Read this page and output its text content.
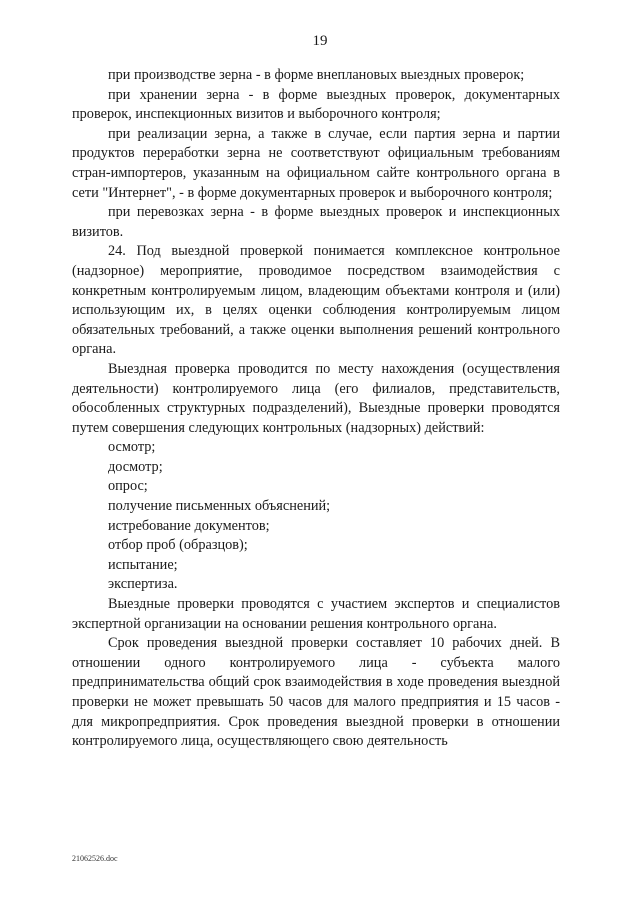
19

при производстве зерна - в форме внеплановых выездных проверок;

при хранении зерна - в форме выездных проверок, документарных проверок, инспекционных визитов и выборочного контроля;

при реализации зерна, а также в случае, если партия зерна и партии продуктов переработки зерна не соответствуют официальным требованиям стран-импортеров, указанным на официальном сайте контрольного органа в сети "Интернет", - в форме документарных проверок и выборочного контроля;

при перевозках зерна - в форме выездных проверок и инспекционных визитов.

24. Под выездной проверкой понимается комплексное контрольное (надзорное) мероприятие, проводимое посредством взаимодействия с конкретным контролируемым лицом, владеющим объектами контроля и (или) использующим их, в целях оценки соблюдения контролируемым лицом обязательных требований, а также оценки выполнения решений контрольного органа.

Выездная проверка проводится по месту нахождения (осуществления деятельности) контролируемого лица (его филиалов, представительств, обособленных структурных подразделений), Выездные проверки проводятся путем совершения следующих контрольных (надзорных) действий:

осмотр;

досмотр;

опрос;

получение письменных объяснений;

истребование документов;

отбор проб (образцов);

испытание;

экспертиза.

Выездные проверки проводятся с участием экспертов и специалистов экспертной организации на основании решения контрольного органа.

Срок проведения выездной проверки составляет 10 рабочих дней. В отношении одного контролируемого лица - субъекта малого предпринимательства общий срок взаимодействия в ходе проведения выездной проверки не может превышать 50 часов для малого предприятия и 15 часов - для микропредприятия. Срок проведения выездной проверки в отношении контролируемого лица, осуществляющего свою деятельность

21062526.doc
